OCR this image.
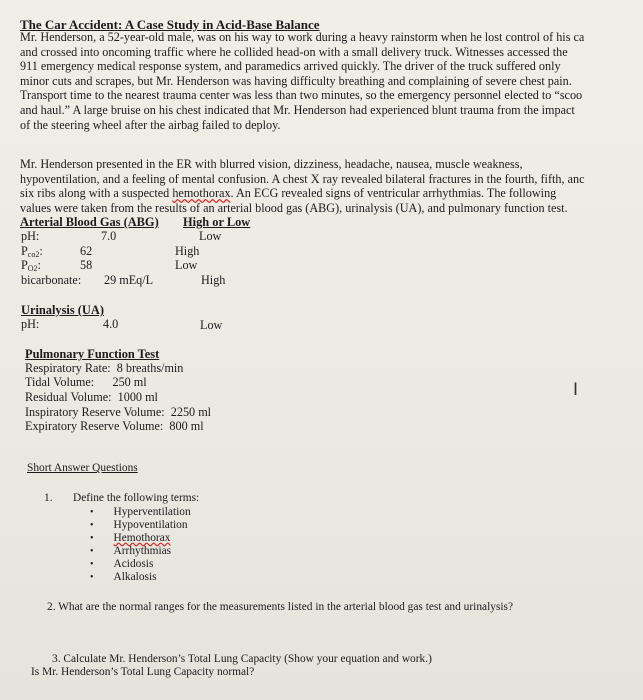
The Car Accident: A Case Study in Acid-Base Balance
Mr. Henderson, a 52-year-old male, was on his way to work during a heavy rainstorm when he lost control of his ca
and crossed into oncoming traffic where he collided head-on with a small delivery truck. Witnesses accessed the
911 emergency medical response system, and paramedics arrived quickly. The driver of the truck suffered only
minor cuts and scrapes, but Mr. Henderson was having difficulty breathing and complaining of severe chest pain.
Transport time to the nearest trauma center was less than two minutes, so the emergency personnel elected to “scoo
and haul.” A large bruise on his chest indicated that Mr. Henderson had experienced blunt trauma from the impact
of the steering wheel after the airbag failed to deploy.
Mr. Henderson presented in the ER with blurred vision, dizziness, headache, nausea, muscle weakness,
hypoventilation, and a feeling of mental confusion. A chest X ray revealed bilateral fractures in the fourth, fifth, anc
six ribs along with a suspected hemothorax. An ECG revealed signs of ventricular arrhythmias. The following
values were taken from the results of an arterial blood gas (ABG), urinalysis (UA), and pulmonary function test.
Arterial Blood Gas (ABG) High or Low
pH:	7.0	Low
$P_{co2}$:	62	High
$P_{O2}$:	58	Low
bicarbonate: 29 mEq/L	High
Urinalysis (UA)
pH:	4.0	Low
Pulmonary Function Test
Respiratory Rate:  8 breaths/min
Tidal Volume:      250 ml
Residual Volume:  1000 ml
Inspiratory Reserve Volume:  2250 ml
Expiratory Reserve Volume:  800 ml
I
Short Answer Questions
1. Define the following terms:
• Hyperventilation
• Hypoventilation
• Hemothorax
• Arrhythmias
• Acidosis
• Alkalosis
2. What are the normal ranges for the measurements listed in the arterial blood gas test and urinalysis?
3. Calculate Mr. Henderson’s Total Lung Capacity (Show your equation and work.)
Is Mr. Henderson’s Total Lung Capacity normal?
